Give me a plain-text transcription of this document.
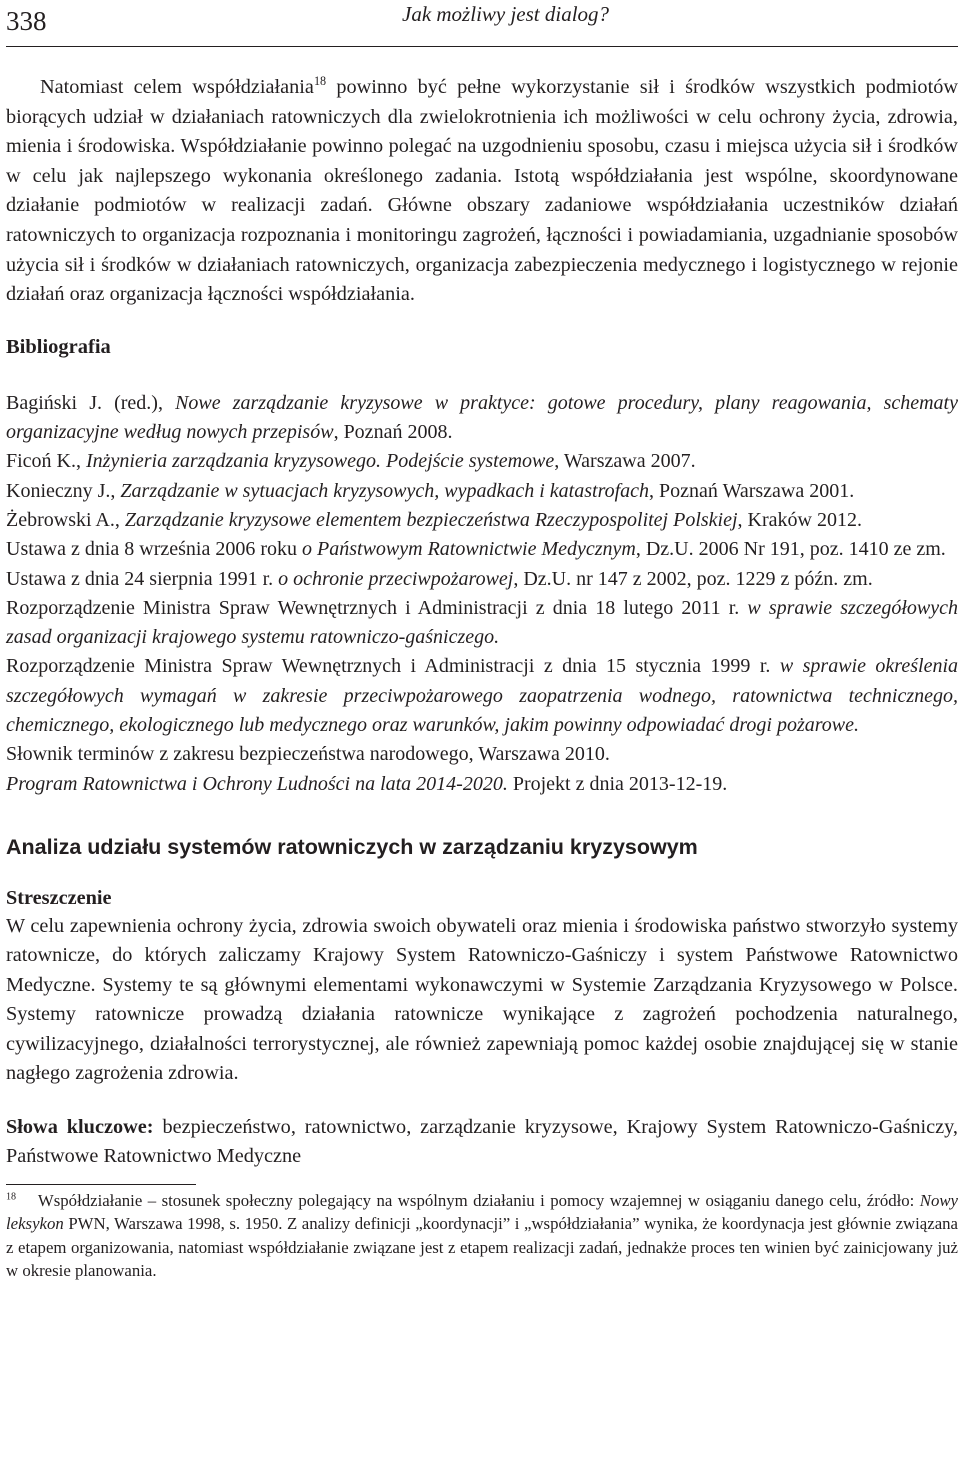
338	Jak możliwy jest dialog?

Natomiast celem współdziałania$^{18}$ powinno być pełne wykorzystanie sił i środków wszystkich podmiotów biorących udział w działaniach ratowniczych dla zwielokrotnienia ich możliwości w celu ochrony życia, zdrowia, mienia i środowiska. Współdziałanie powinno polegać na uzgodnieniu sposobu, czasu i miejsca użycia sił i środków w celu jak najlepszego wykonania określonego zadania. Istotą współdziałania jest wspólne, skoordynowane działanie podmiotów w realizacji zadań. Główne obszary zadaniowe współdziałania uczestników działań ratowniczych to organizacja rozpoznania i monitoringu zagrożeń, łączności i powiadamiania, uzgadnianie sposobów użycia sił i środków w działaniach ratowniczych, organizacja zabezpieczenia medycznego i logistycznego w rejonie działań oraz organizacja łączności współdziałania.

Bibliografia

Bagiński J. (red.), Nowe zarządzanie kryzysowe w praktyce: gotowe procedury, plany reagowania, schematy organizacyjne według nowych przepisów, Poznań 2008.

Ficoń K., Inżynieria zarządzania kryzysowego. Podejście systemowe, Warszawa 2007.

Konieczny J., Zarządzanie w sytuacjach kryzysowych, wypadkach i katastrofach, Poznań Warszawa 2001.

Żebrowski A., Zarządzanie kryzysowe elementem bezpieczeństwa Rzeczypospolitej Polskiej, Kraków 2012.

Ustawa z dnia 8 września 2006 roku o Państwowym Ratownictwie Medycznym, Dz.U. 2006 Nr 191, poz. 1410 ze zm.

Ustawa z dnia 24 sierpnia 1991 r. o ochronie przeciwpożarowej, Dz.U. nr 147 z 2002, poz. 1229 z późn. zm.

Rozporządzenie Ministra Spraw Wewnętrznych i Administracji z dnia 18 lutego 2011 r. w sprawie szczegółowych zasad organizacji krajowego systemu ratowniczo-gaśniczego.

Rozporządzenie Ministra Spraw Wewnętrznych i Administracji z dnia 15 stycznia 1999 r. w sprawie określenia szczegółowych wymagań w zakresie przeciwpożarowego zaopatrzenia wodnego, ratownictwa technicznego, chemicznego, ekologicznego lub medycznego oraz warunków, jakim powinny odpowiadać drogi pożarowe.

Słownik terminów z zakresu bezpieczeństwa narodowego, Warszawa 2010.

Program Ratownictwa i Ochrony Ludności na lata 2014-2020. Projekt z dnia 2013-12-19.

Analiza udziału systemów ratowniczych w zarządzaniu kryzysowym
Streszczenie

W celu zapewnienia ochrony życia, zdrowia swoich obywateli oraz mienia i środowiska państwo stworzyło systemy ratownicze, do których zaliczamy Krajowy System Ratowniczo-Gaśniczy i system Państwowe Ratownictwo Medyczne. Systemy te są głównymi elementami wykonawczymi w Systemie Zarządzania Kryzysowego w Polsce. Systemy ratownicze prowadzą działania ratownicze wynikające z zagrożeń pochodzenia naturalnego, cywilizacyjnego, działalności terrorystycznej, ale również zapewniają pomoc każdej osobie znajdującej się w stanie nagłego zagrożenia zdrowia.

Słowa kluczowe: bezpieczeństwo, ratownictwo, zarządzanie kryzysowe, Krajowy System Ratowniczo-Gaśniczy, Państwowe Ratownictwo Medyczne

$^{18}$ Współdziałanie – stosunek społeczny polegający na wspólnym działaniu i pomocy wzajemnej w osiąganiu danego celu, źródło: Nowy leksykon PWN, Warszawa 1998, s. 1950. Z analizy definicji „koordynacji” i „współdziałania” wynika, że koordynacja jest głównie związana z etapem organizowania, natomiast współdziałanie związane jest z etapem realizacji zadań, jednakże proces ten winien być zainicjowany już w okresie planowania.
